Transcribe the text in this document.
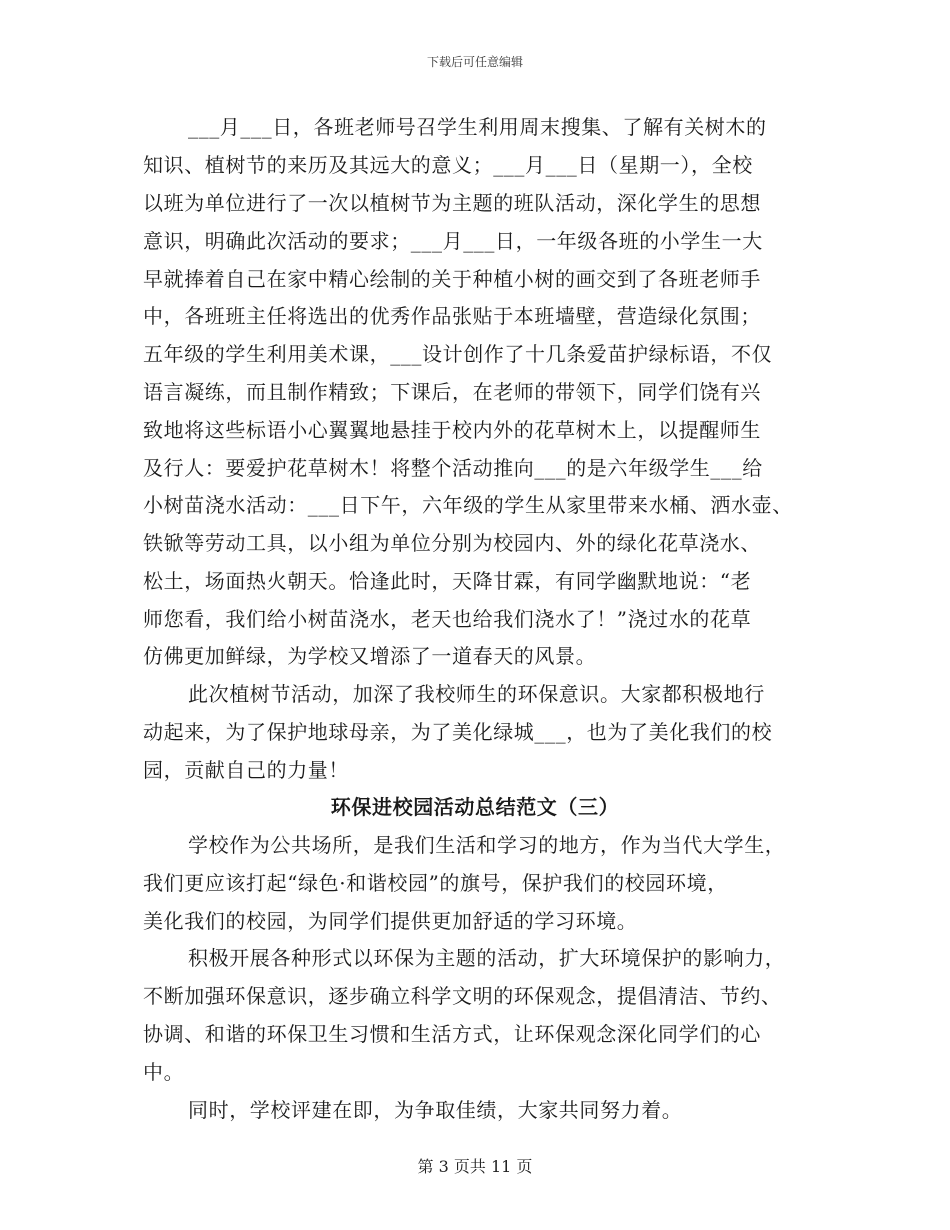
下载后可任意编辑
___月___日，各班老师号召学生利用周末搜集、了解有关树木的
知识、植树节的来历及其远大的意义；___月___日（星期一），全校
以班为单位进行了一次以植树节为主题的班队活动，深化学生的思想
意识，明确此次活动的要求；___月___日，一年级各班的小学生一大
早就捧着自己在家中精心绘制的关于种植小树的画交到了各班老师手
中，各班班主任将选出的优秀作品张贴于本班墙壁，营造绿化氛围；
五年级的学生利用美术课，___设计创作了十几条爱苗护绿标语，不仅
语言凝练，而且制作精致；下课后，在老师的带领下，同学们饶有兴
致地将这些标语小心翼翼地悬挂于校内外的花草树木上，以提醒师生
及行人：要爱护花草树木！将整个活动推向___的是六年级学生___给
小树苗浇水活动：___日下午，六年级的学生从家里带来水桶、洒水壶、
铁锨等劳动工具，以小组为单位分别为校园内、外的绿化花草浇水、
松土，场面热火朝天。恰逢此时，天降甘霖，有同学幽默地说：“老
师您看，我们给小树苗浇水，老天也给我们浇水了！”浇过水的花草
仿佛更加鲜绿，为学校又增添了一道春天的风景。
此次植树节活动，加深了我校师生的环保意识。大家都积极地行
动起来，为了保护地球母亲，为了美化绿城___，也为了美化我们的校
园，贡献自己的力量！
环保进校园活动总结范文（三）
学校作为公共场所，是我们生活和学习的地方，作为当代大学生，
我们更应该打起“绿色·和谐校园”的旗号，保护我们的校园环境，
美化我们的校园，为同学们提供更加舒适的学习环境。
积极开展各种形式以环保为主题的活动，扩大环境保护的影响力，
不断加强环保意识，逐步确立科学文明的环保观念，提倡清洁、节约、
协调、和谐的环保卫生习惯和生活方式，让环保观念深化同学们的心
中。
同时，学校评建在即，为争取佳绩，大家共同努力着。
第 3 页共 11 页
